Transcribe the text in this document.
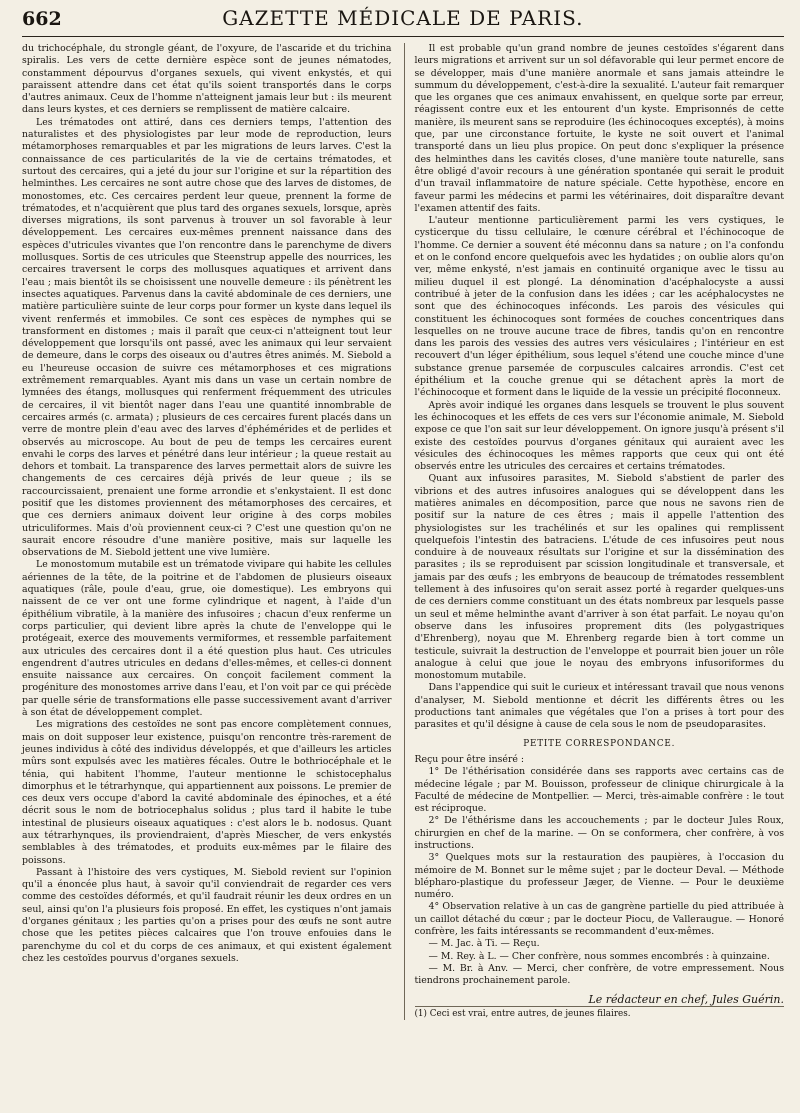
662	GAZETTE MÉDICALE DE PARIS.

du trichocéphale, du strongle géant, de l'oxyure, de l'ascaride et du trichina spiralis. Les vers de cette dernière espèce sont de jeunes nématodes, constamment dépourvus d'organes sexuels, qui vivent enkystés, et qui paraissent attendre dans cet état qu'ils soient transportés dans le corps d'autres animaux. Ceux de l'homme n'atteignent jamais leur but : ils meurent dans leurs kystes, et ces derniers se remplissent de matière calcaire.

Les trématodes ont attiré, dans ces derniers temps, l'attention des naturalistes et des physiologistes par leur mode de reproduction, leurs métamorphoses remarquables et par les migrations de leurs larves. C'est la connaissance de ces particularités de la vie de certains trématodes, et surtout des cercaires, qui a jeté du jour sur l'origine et sur la répartition des helminthes. Les cercaires ne sont autre chose que des larves de distomes, de monostomes, etc. Ces cercaires perdent leur queue, prennent la forme de trématodes, et n'acquièrent que plus tard des organes sexuels, lorsque, après diverses migrations, ils sont parvenus à trouver un sol favorable à leur développement. Les cercaires eux-mêmes prennent naissance dans des espèces d'utricules vivantes que l'on rencontre dans le parenchyme de divers mollusques. Sortis de ces utricules que Steenstrup appelle des nourrices, les cercaires traversent le corps des mollusques aquatiques et arrivent dans l'eau ; mais bientôt ils se choisissent une nouvelle demeure : ils pénètrent les insectes aquatiques. Parvenus dans la cavité abdominale de ces derniers, une matière particulière suinte de leur corps pour former un kyste dans lequel ils vivent renfermés et immobiles. Ce sont ces espèces de nymphes qui se transforment en distomes ; mais il paraît que ceux-ci n'atteignent tout leur développement que lorsqu'ils ont passé, avec les animaux qui leur servaient de demeure, dans le corps des oiseaux ou d'autres êtres animés. M. Siebold a eu l'heureuse occasion de suivre ces métamorphoses et ces migrations extrêmement remarquables. Ayant mis dans un vase un certain nombre de lymnées des étangs, mollusques qui renferment fréquemment des utricules de cercaires, il vit bientôt nager dans l'eau une quantité innombrable de cercaires armés (c. armata) ; plusieurs de ces cercaires furent placés dans un verre de montre plein d'eau avec des larves d'éphémérides et de perlides et observés au microscope. Au bout de peu de temps les cercaires eurent envahi le corps des larves et pénétré dans leur intérieur ; la queue restait au dehors et tombait. La transparence des larves permettait alors de suivre les changements de ces cercaires déjà privés de leur queue ; ils se raccourcissaient, prenaient une forme arrondie et s'enkystaient. Il est donc positif que les distomes proviennent des métamorphoses des cercaires, et que ces derniers animaux doivent leur origine à des corps mobiles utriculiformes. Mais d'où proviennent ceux-ci ? C'est une question qu'on ne saurait encore résoudre d'une manière positive, mais sur laquelle les observations de M. Siebold jettent une vive lumière.

Le monostomum mutabile est un trématode vivipare qui habite les cellules aériennes de la tête, de la poitrine et de l'abdomen de plusieurs oiseaux aquatiques (râle, poule d'eau, grue, oie domestique). Les embryons qui naissent de ce ver ont une forme cylindrique et nagent, à l'aide d'un épithélium vibratile, à la manière des infusoires ; chacun d'eux renferme un corps particulier, qui devient libre après la chute de l'enveloppe qui le protégeait, exerce des mouvements vermiformes, et ressemble parfaitement aux utricules des cercaires dont il a été question plus haut. Ces utricules engendrent d'autres utricules en dedans d'elles-mêmes, et celles-ci donnent ensuite naissance aux cercaires. On conçoit facilement comment la progéniture des monostomes arrive dans l'eau, et l'on voit par ce qui précède par quelle série de transformations elle passe successivement avant d'arriver à son état de développement complet.

Les migrations des cestoïdes ne sont pas encore complètement connues, mais on doit supposer leur existence, puisqu'on rencontre très-rarement de jeunes individus à côté des individus développés, et que d'ailleurs les articles mûrs sont expulsés avec les matières fécales. Outre le bothriocéphale et le ténia, qui habitent l'homme, l'auteur mentionne le schistocephalus dimorphus et le tétrarhynque, qui appartiennent aux poissons. Le premier de ces deux vers occupe d'abord la cavité abdominale des épinoches, et a été décrit sous le nom de botriocephalus solidus ; plus tard il habite le tube intestinal de plusieurs oiseaux aquatiques : c'est alors le b. nodosus. Quant aux tétrarhynques, ils proviendraient, d'après Miescher, de vers enkystés semblables à des trématodes, et produits eux-mêmes par le filaire des poissons.

Passant à l'histoire des vers cystiques, M. Siebold revient sur l'opinion qu'il a énoncée plus haut, à savoir qu'il conviendrait de regarder ces vers comme des cestoïdes déformés, et qu'il faudrait réunir les deux ordres en un seul, ainsi qu'on l'a plusieurs fois proposé. En effet, les cystiques n'ont jamais d'organes génitaux ; les parties qu'on a prises pour des œufs ne sont autre chose que les petites pièces calcaires que l'on trouve enfouies dans le parenchyme du col et du corps de ces animaux, et qui existent également chez les cestoïdes pourvus d'organes sexuels.

Il est probable qu'un grand nombre de jeunes cestoïdes s'égarent dans leurs migrations et arrivent sur un sol défavorable qui leur permet encore de se développer, mais d'une manière anormale et sans jamais atteindre le summum du développement, c'est-à-dire la sexualité. L'auteur fait remarquer que les organes que ces animaux envahissent, en quelque sorte par erreur, réagissent contre eux et les entourent d'un kyste. Emprisonnés de cette manière, ils meurent sans se reproduire (les échinocoques exceptés), à moins que, par une circonstance fortuite, le kyste ne soit ouvert et l'animal transporté dans un lieu plus propice. On peut donc s'expliquer la présence des helminthes dans les cavités closes, d'une manière toute naturelle, sans être obligé d'avoir recours à une génération spontanée qui serait le produit d'un travail inflammatoire de nature spéciale. Cette hypothèse, encore en faveur parmi les médecins et parmi les vétérinaires, doit disparaître devant l'examen attentif des faits.

L'auteur mentionne particulièrement parmi les vers cystiques, le cysticerque du tissu cellulaire, le cœnure cérébral et l'échinocoque de l'homme. Ce dernier a souvent été méconnu dans sa nature ; on l'a confondu et on le confond encore quelquefois avec les hydatides ; on oublie alors qu'on ver, même enkysté, n'est jamais en continuité organique avec le tissu au milieu duquel il est plongé. La dénomination d'acéphalocyste a aussi contribué à jeter de la confusion dans les idées ; car les acéphalocystes ne sont que des échinocoques inféconds. Les parois des vésicules qui constituent les échinocoques sont formées de couches concentriques dans lesquelles on ne trouve aucune trace de fibres, tandis qu'on en rencontre dans les parois des vessies des autres vers vésiculaires ; l'intérieur en est recouvert d'un léger épithélium, sous lequel s'étend une couche mince d'une substance grenue parsemée de corpuscules calcaires arrondis. C'est cet épithélium et la couche grenue qui se détachent après la mort de l'échinocoque et forment dans le liquide de la vessie un précipité floconneux.

Après avoir indiqué les organes dans lesquels se trouvent le plus souvent les échinocoques et les effets de ces vers sur l'économie animale, M. Siebold expose ce que l'on sait sur leur développement. On ignore jusqu'à présent s'il existe des cestoïdes pourvus d'organes génitaux qui auraient avec les vésicules des échinocoques les mêmes rapports que ceux qui ont été observés entre les utricules des cercaires et certains trématodes.

Quant aux infusoires parasites, M. Siebold s'abstient de parler des vibrions et des autres infusoires analogues qui se développent dans les matières animales en décomposition, parce que nous ne savons rien de positif sur la nature de ces êtres ; mais il appelle l'attention des physiologistes sur les trachélinés et sur les opalines qui remplissent quelquefois l'intestin des batraciens. L'étude de ces infusoires peut nous conduire à de nouveaux résultats sur l'origine et sur la dissémination des parasites ; ils se reproduisent par scission longitudinale et transversale, et jamais par des œufs ; les embryons de beaucoup de trématodes ressemblent tellement à des infusoires qu'on serait assez porté à regarder quelques-uns de ces derniers comme constituant un des états nombreux par lesquels passe un seul et même helminthe avant d'arriver à son état parfait. Le noyau qu'on observe dans les infusoires proprement dits (les polygastriques d'Ehrenberg), noyau que M. Ehrenberg regarde bien à tort comme un testicule, suivrait la destruction de l'enveloppe et pourrait bien jouer un rôle analogue à celui que joue le noyau des embryons infusoriformes du monostomum mutabile.

Dans l'appendice qui suit le curieux et intéressant travail que nous venons d'analyser, M. Siebold mentionne et décrit les différents êtres ou les productions tant animales que végétales que l'on a prises à tort pour des parasites et qu'il désigne à cause de cela sous le nom de pseudoparasites.

PETITE CORRESPONDANCE.

Reçu pour être inséré :

1° De l'éthérisation considérée dans ses rapports avec certains cas de médecine légale ; par M. Bouisson, professeur de clinique chirurgicale à la Faculté de médecine de Montpellier. — Merci, très-aimable confrère : le tout est réciproque.

2° De l'éthérisme dans les accouchements ; par le docteur Jules Roux, chirurgien en chef de la marine. — On se conformera, cher confrère, à vos instructions.

3° Quelques mots sur la restauration des paupières, à l'occasion du mémoire de M. Bonnet sur le même sujet ; par le docteur Deval. — Méthode blépharo-plastique du professeur Jæger, de Vienne. — Pour le deuxième numéro.

4° Observation relative à un cas de gangrène partielle du pied attribuée à un caillot détaché du cœur ; par le docteur Piocu, de Valleraugue. — Honoré confrère, les faits intéressants se recommandent d'eux-mêmes.

— M. Jac. à Ti. — Reçu.

— M. Rey. à L. — Cher confrère, nous sommes encombrés : à quinzaine.

— M. Br. à Anv. — Merci, cher confrère, de votre empressement. Nous tiendrons prochainement parole.

Le rédacteur en chef, Jules Guérin.

(1) Ceci est vrai, entre autres, de jeunes filaires.
